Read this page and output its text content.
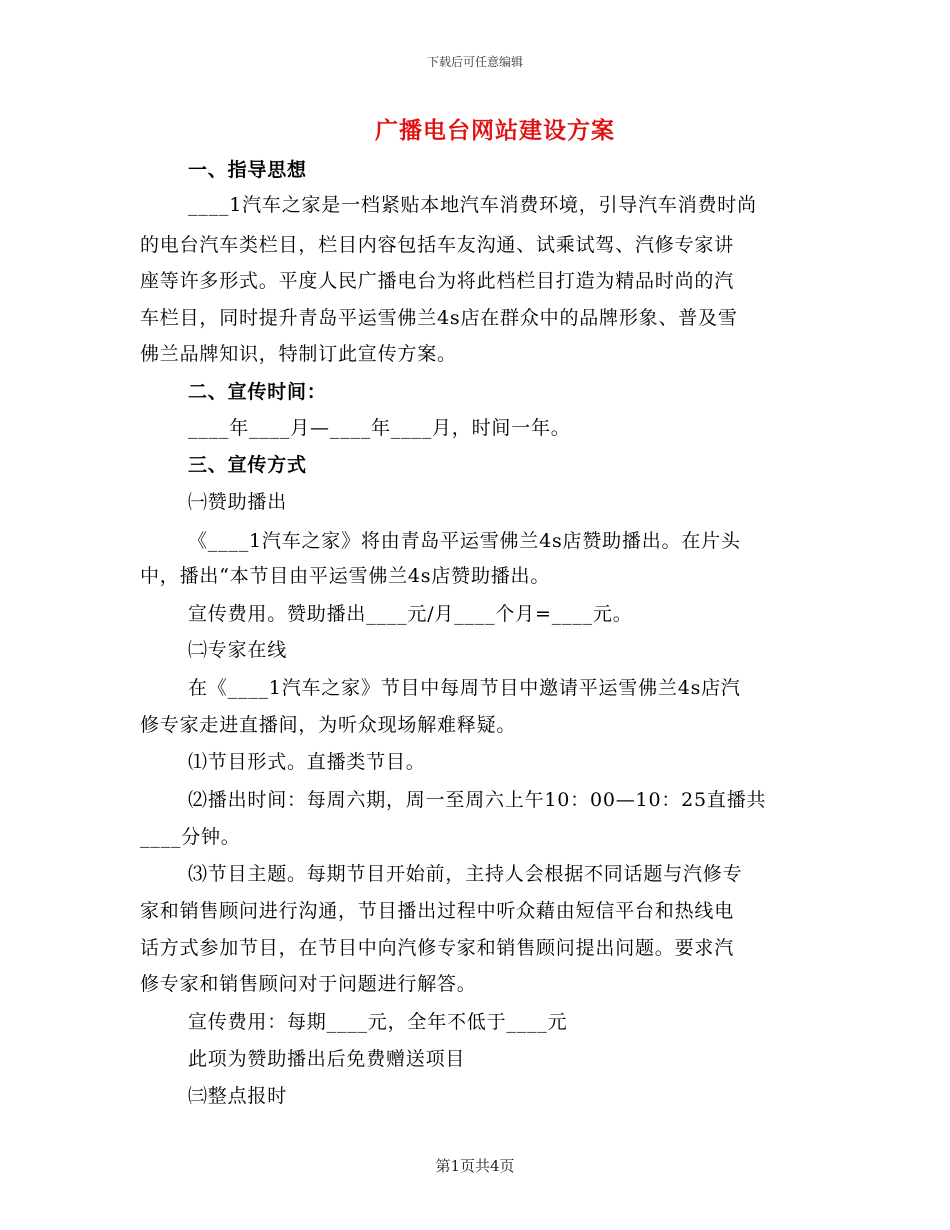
下载后可任意编辑
广播电台网站建设方案
一、指导思想
____1汽车之家是一档紧贴本地汽车消费环境，引导汽车消费时尚
的电台汽车类栏目，栏目内容包括车友沟通、试乘试驾、汽修专家讲
座等许多形式。平度人民广播电台为将此档栏目打造为精品时尚的汽
车栏目，同时提升青岛平运雪佛兰4s店在群众中的品牌形象、普及雪
佛兰品牌知识，特制订此宣传方案。
二、宣传时间：
____年____月—____年____月，时间一年。
三、宣传方式
㈠赞助播出
《____1汽车之家》将由青岛平运雪佛兰4s店赞助播出。在片头
中，播出“本节目由平运雪佛兰4s店赞助播出。
宣传费用。赞助播出____元/月____个月=____元。
㈡专家在线
在《____1汽车之家》节目中每周节目中邀请平运雪佛兰4s店汽
修专家走进直播间，为听众现场解难释疑。
⑴节目形式。直播类节目。
⑵播出时间：每周六期，周一至周六上午10：00—10：25直播共
____分钟。
⑶节目主题。每期节目开始前，主持人会根据不同话题与汽修专
家和销售顾问进行沟通，节目播出过程中听众藉由短信平台和热线电
话方式参加节目，在节目中向汽修专家和销售顾问提出问题。要求汽
修专家和销售顾问对于问题进行解答。
宣传费用：每期____元，全年不低于____元
此项为赞助播出后免费赠送项目
㈢整点报时
第1页共4页
